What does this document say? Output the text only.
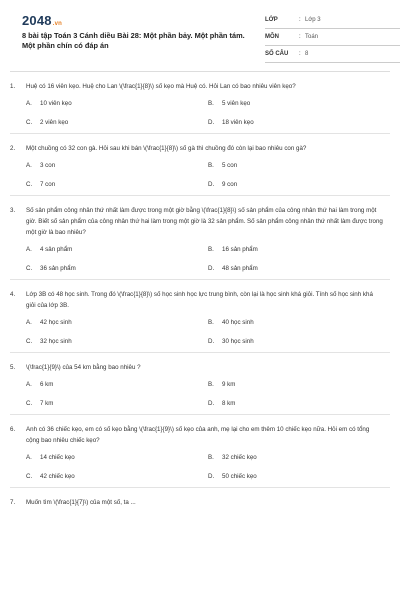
2048.vn
8 bài tập Toán 3 Cánh diều Bài 28: Một phần bảy. Một phần tám. Một phần chín có đáp án
LỚP	: Lớp 3
MÔN	: Toán
SỐ CÂU	: 8
1.	Huệ có 16 viên kẹo. Huệ cho Lan \(\frac{1}{8}\) số kẹo mà Huệ có. Hỏi Lan có bao nhiêu viên kẹo?
A.	10 viên kẹo	B.	5 viên kẹo
C.	2 viên kẹo	D.	18 viên kẹo
2.	Một chuồng có 32 con gà. Hỏi sau khi bán \(\frac{1}{8}\) số gà thì chuồng đó còn lại bao nhiêu con gà?
A.	3 con	B.	5 con
C.	7 con	D.	9 con
3.	Số sản phẩm công nhân thứ nhất làm được trong một giờ bằng \(\frac{1}{8}\) số sản phẩm của công nhân thứ hai làm trong một giờ. Biết số sản phẩm của công nhân thứ hai làm trong một giờ là 32 sản phẩm. Số sản phẩm công nhân thứ nhất làm được trong một giờ là bao nhiêu?
A.	4 sản phẩm	B.	16 sản phẩm
C.	36 sản phẩm	D.	48 sản phẩm
4.	Lớp 3B có 48 học sinh. Trong đó \(\frac{1}{8}\) số học sinh học lực trung bình, còn lại là học sinh khá giỏi. Tính số học sinh khá giỏi của lớp 3B.
A.	42 học sinh	B.	40 học sinh
C.	32 học sinh	D.	30 học sinh
5.	\(\frac{1}{9}\) của 54 km bằng bao nhiêu ?
A.	6 km	B.	9 km
C.	7 km	D.	8 km
6.	Anh có 36 chiếc kẹo, em có số kẹo bằng \(\frac{1}{9}\) số kẹo của anh, mẹ lại cho em thêm 10 chiếc kẹo nữa. Hỏi em có tổng cộng bao nhiêu chiếc kẹo?
A.	14 chiếc kẹo	B.	32 chiếc kẹo
C.	42 chiếc kẹo	D.	50 chiếc kẹo
7.	Muốn tìm \(\frac{1}{7}\) của một số, ta ...
